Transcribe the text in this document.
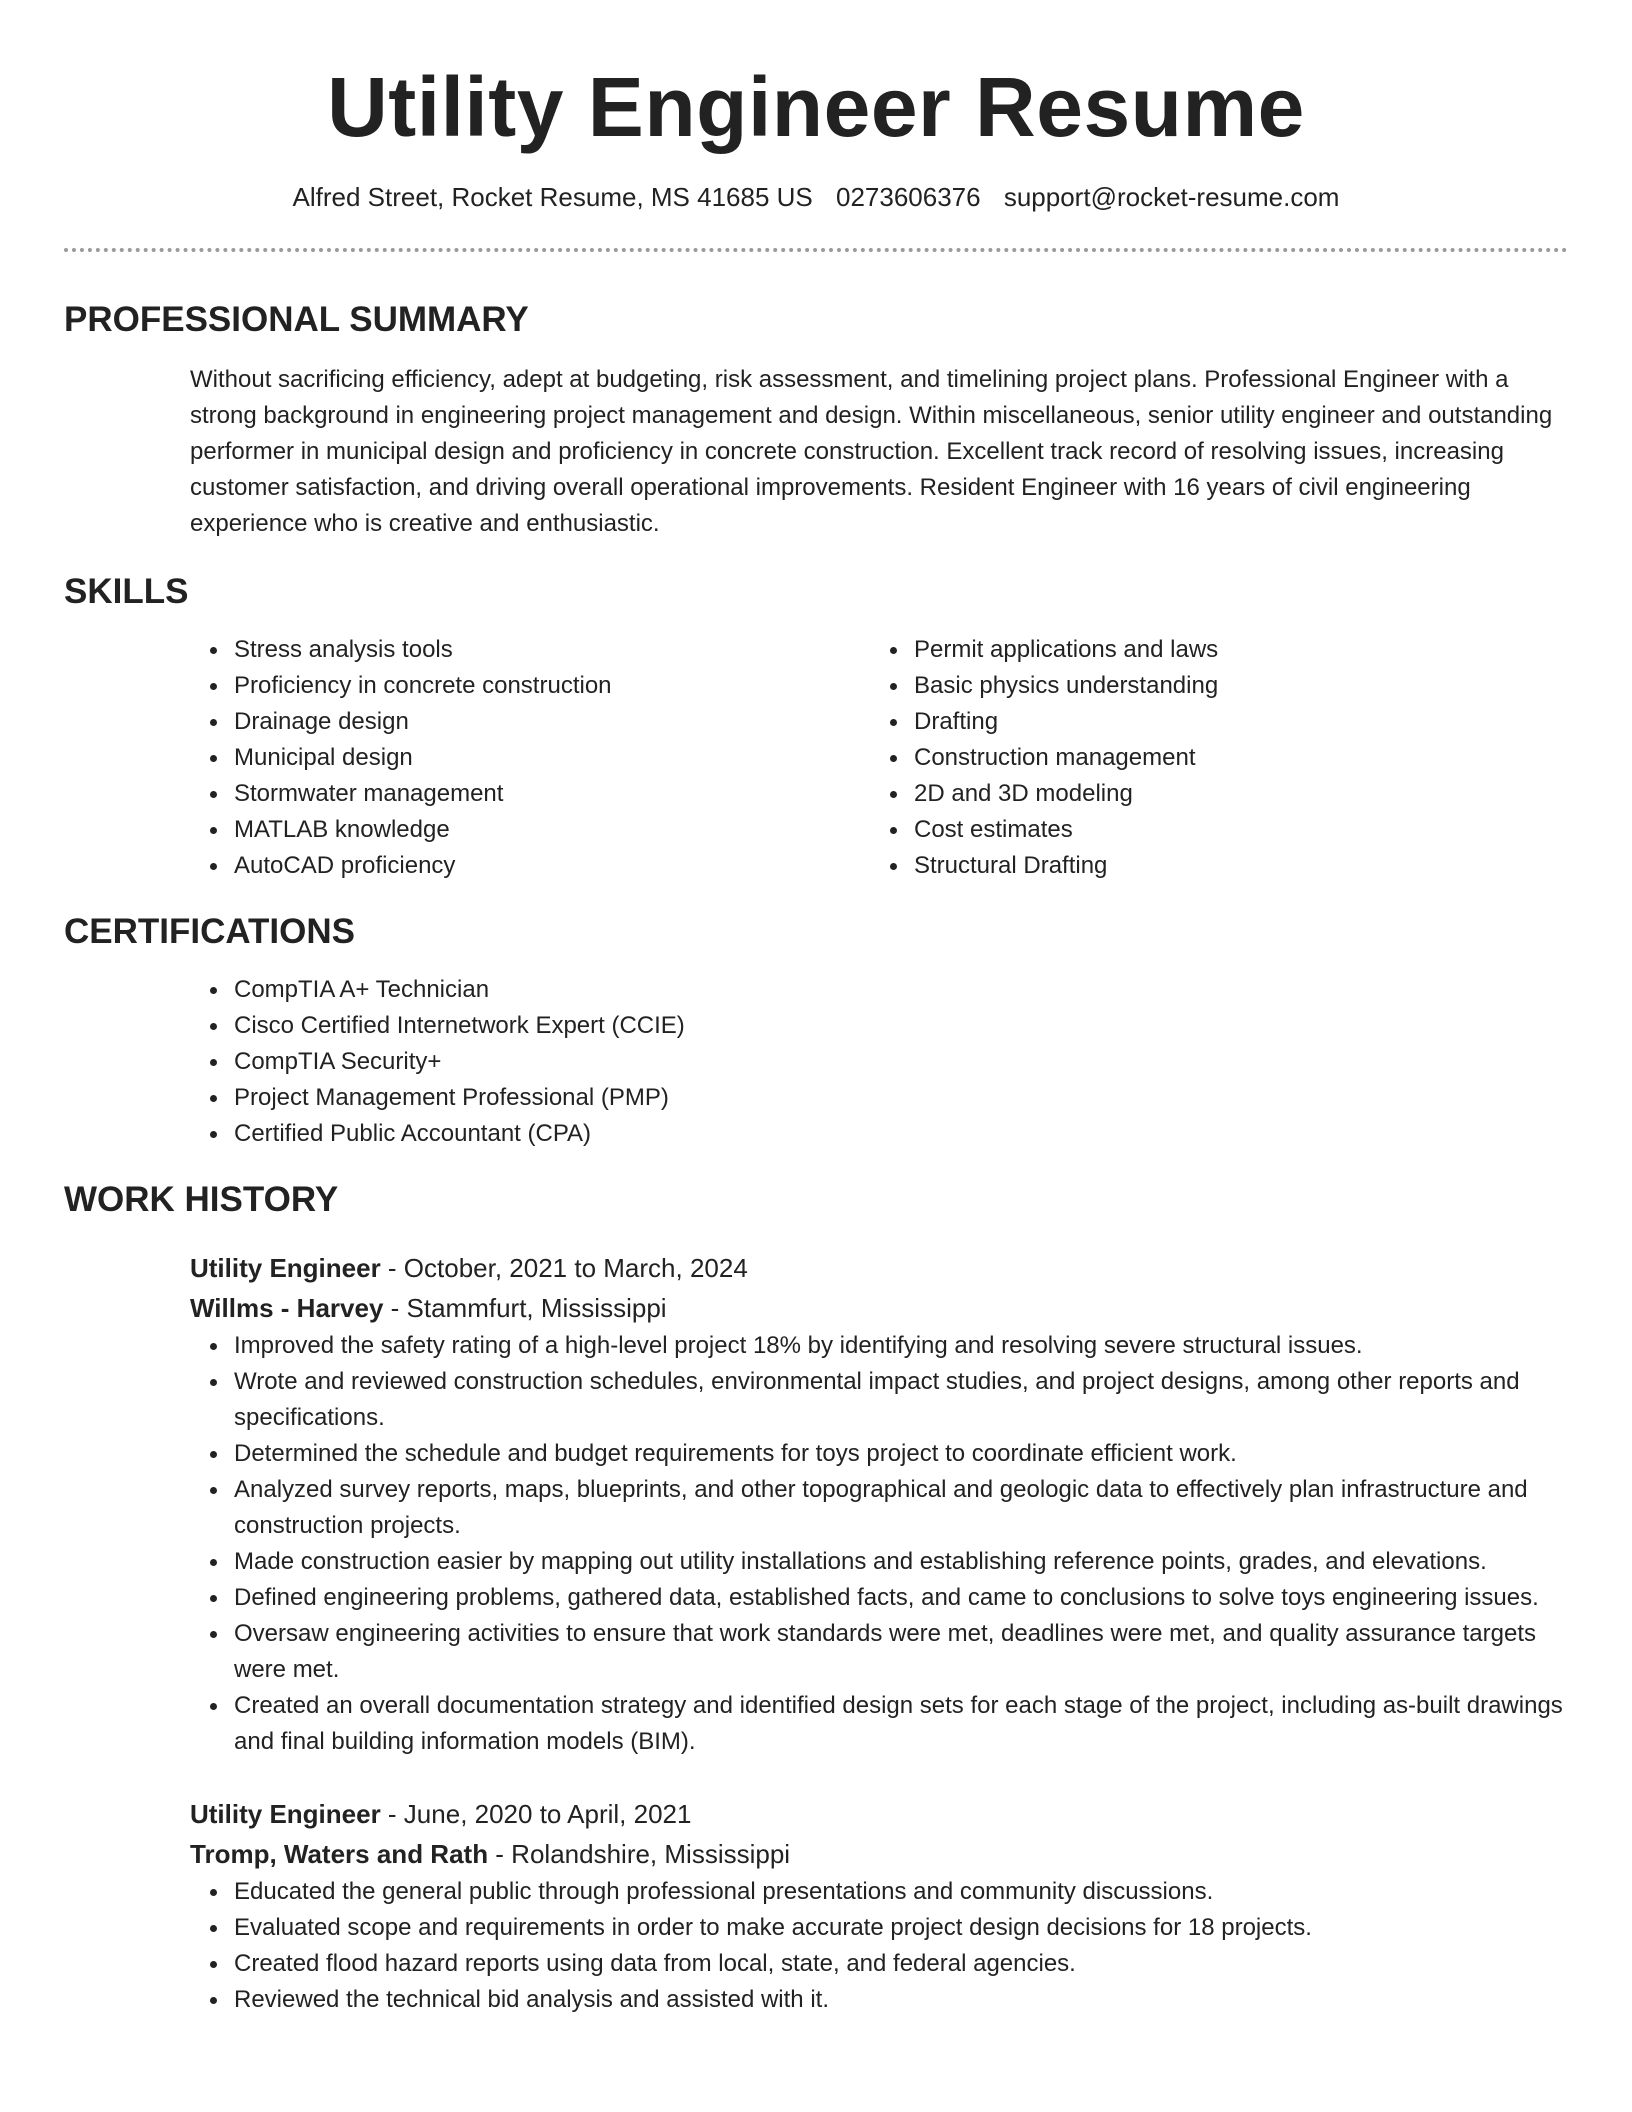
Utility Engineer Resume
Alfred Street, Rocket Resume, MS 41685 US 0273606376 support@rocket-resume.com
PROFESSIONAL SUMMARY

Without sacrificing efficiency, adept at budgeting, risk assessment, and timelining project plans. Professional Engineer with a strong background in engineering project management and design. Within miscellaneous, senior utility engineer and outstanding performer in municipal design and proficiency in concrete construction. Excellent track record of resolving issues, increasing customer satisfaction, and driving overall operational improvements. Resident Engineer with 16 years of civil engineering experience who is creative and enthusiastic.

SKILLS
Stress analysis tools
Proficiency in concrete construction
Drainage design
Municipal design
Stormwater management
MATLAB knowledge
AutoCAD proficiency
Permit applications and laws
Basic physics understanding
Drafting
Construction management
2D and 3D modeling
Cost estimates
Structural Drafting
CERTIFICATIONS
CompTIA A+ Technician
Cisco Certified Internetwork Expert (CCIE)
CompTIA Security+
Project Management Professional (PMP)
Certified Public Accountant (CPA)
WORK HISTORY
Utility Engineer - October, 2021 to March, 2024
Willms - Harvey - Stammfurt, Mississippi
Improved the safety rating of a high-level project 18% by identifying and resolving severe structural issues.
Wrote and reviewed construction schedules, environmental impact studies, and project designs, among other reports and specifications.
Determined the schedule and budget requirements for toys project to coordinate efficient work.
Analyzed survey reports, maps, blueprints, and other topographical and geologic data to effectively plan infrastructure and construction projects.
Made construction easier by mapping out utility installations and establishing reference points, grades, and elevations.
Defined engineering problems, gathered data, established facts, and came to conclusions to solve toys engineering issues.
Oversaw engineering activities to ensure that work standards were met, deadlines were met, and quality assurance targets were met.
Created an overall documentation strategy and identified design sets for each stage of the project, including as-built drawings and final building information models (BIM).
Utility Engineer - June, 2020 to April, 2021
Tromp, Waters and Rath - Rolandshire, Mississippi
Educated the general public through professional presentations and community discussions.
Evaluated scope and requirements in order to make accurate project design decisions for 18 projects.
Created flood hazard reports using data from local, state, and federal agencies.
Reviewed the technical bid analysis and assisted with it.
